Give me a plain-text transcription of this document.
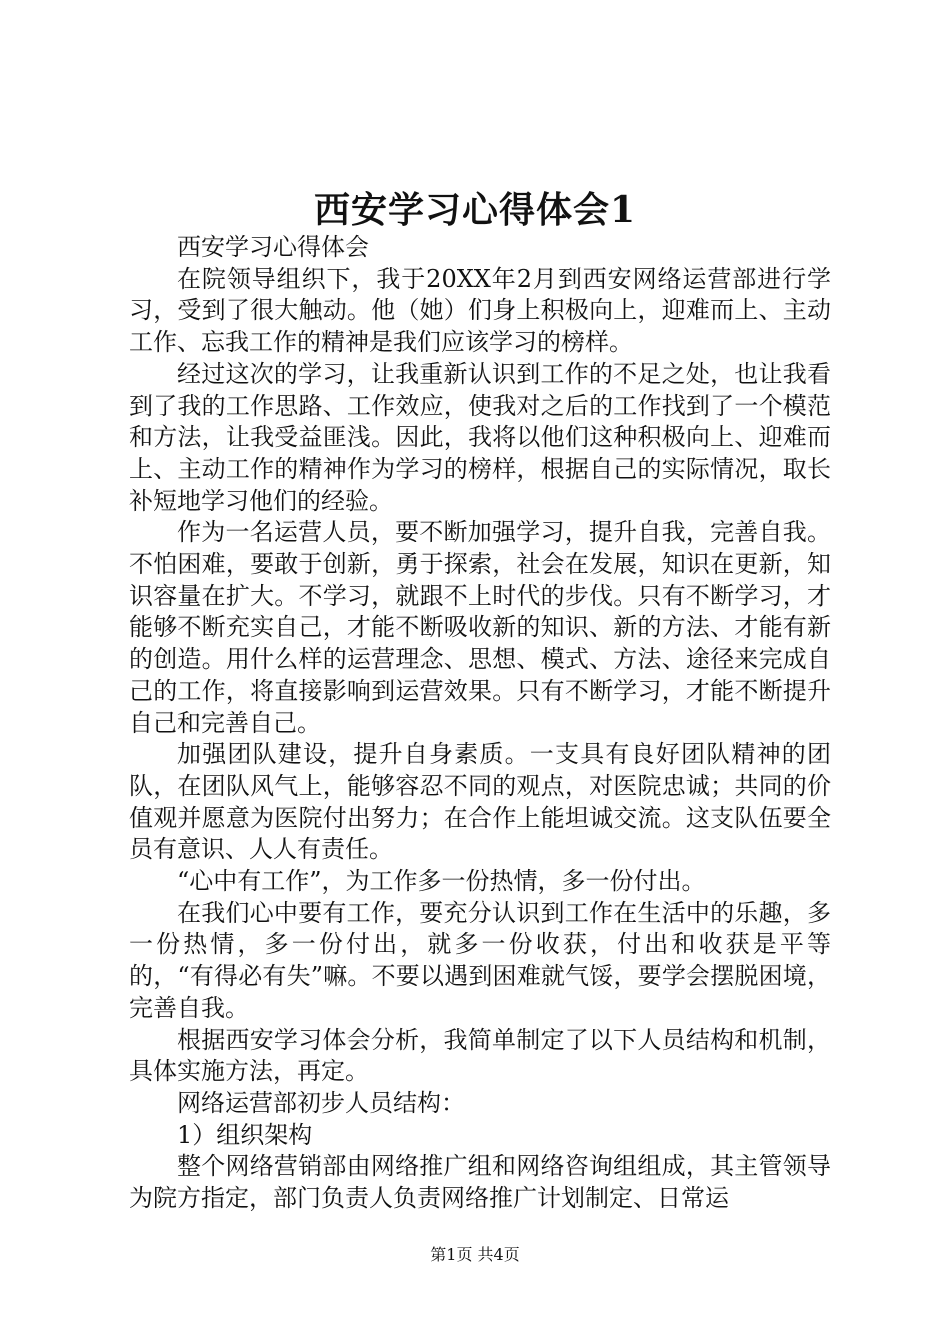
西安学习心得体会1

西安学习心得体会

在院领导组织下，我于20XX年2月到西安网络运营部进行学习，受到了很大触动。他（她）们身上积极向上，迎难而上、主动工作、忘我工作的精神是我们应该学习的榜样。

经过这次的学习，让我重新认识到工作的不足之处，也让我看到了我的工作思路、工作效应，使我对之后的工作找到了一个模范和方法，让我受益匪浅。因此，我将以他们这种积极向上、迎难而上、主动工作的精神作为学习的榜样，根据自己的实际情况，取长补短地学习他们的经验。

作为一名运营人员，要不断加强学习，提升自我，完善自我。不怕困难，要敢于创新，勇于探索，社会在发展，知识在更新，知识容量在扩大。不学习，就跟不上时代的步伐。只有不断学习，才能够不断充实自己，才能不断吸收新的知识、新的方法、才能有新的创造。用什么样的运营理念、思想、模式、方法、途径来完成自己的工作，将直接影响到运营效果。只有不断学习，才能不断提升自己和完善自己。

加强团队建设，提升自身素质。一支具有良好团队精神的团队，在团队风气上，能够容忍不同的观点，对医院忠诚；共同的价值观并愿意为医院付出努力；在合作上能坦诚交流。这支队伍要全员有意识、人人有责任。

“心中有工作”，为工作多一份热情，多一份付出。

在我们心中要有工作，要充分认识到工作在生活中的乐趣，多一份热情，多一份付出，就多一份收获，付出和收获是平等的，“有得必有失”嘛。不要以遇到困难就气馁，要学会摆脱困境，完善自我。

根据西安学习体会分析，我简单制定了以下人员结构和机制，具体实施方法，再定。

网络运营部初步人员结构：

1）组织架构

整个网络营销部由网络推广组和网络咨询组组成，其主管领导为院方指定，部门负责人负责网络推广计划制定、日常运

第1页 共4页
